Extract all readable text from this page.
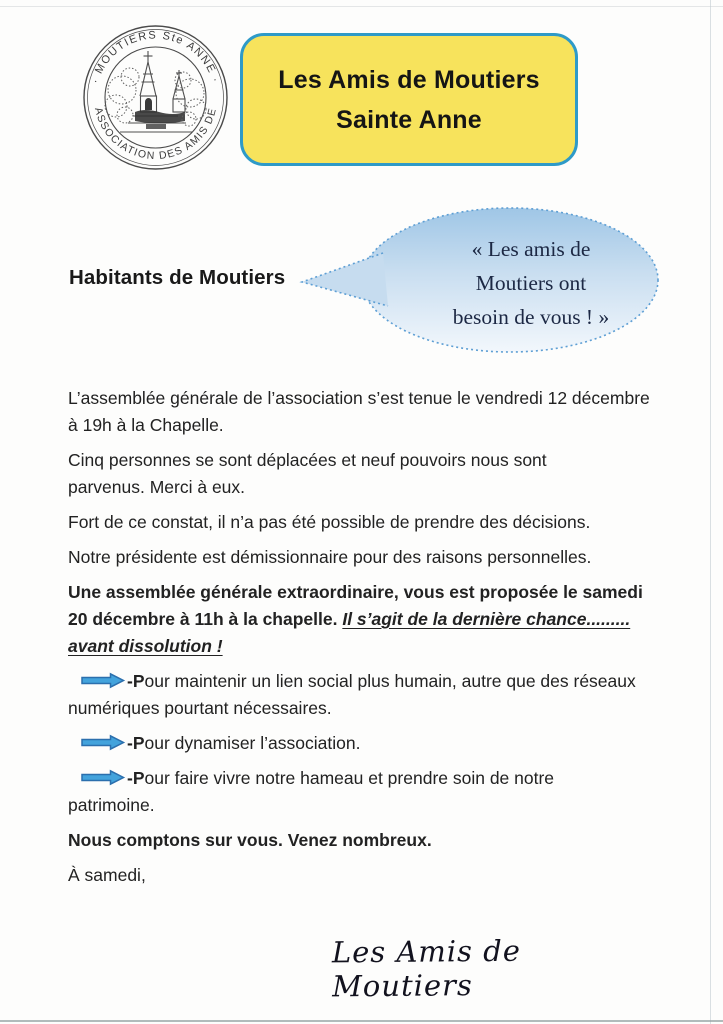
· MOUTIERS Ste ANNE ·
ASSOCIATION DES AMIS DE
Les Amis de Moutiers
Sainte Anne
« Les amis de
Moutiers ont
besoin de vous ! »
Habitants de Moutiers

L’assemblée générale de l’association s’est tenue le vendredi 12 décembre à 19h à la Chapelle.

Cinq personnes se sont déplacées et neuf pouvoirs nous sont parvenus. Merci à eux.

Fort de ce constat, il n’a pas été possible de prendre des décisions.

Notre présidente est démissionnaire pour des raisons personnelles.

Une assemblée générale extraordinaire, vous est proposée le samedi 20 décembre à 11h à la chapelle. Il s’agit de la dernière chance......... avant dissolution !

-Pour maintenir un lien social plus humain, autre que des réseaux numériques pourtant nécessaires.

-Pour dynamiser l’association.

-Pour faire vivre notre hameau et prendre soin de notre patrimoine.

Nous comptons sur vous. Venez nombreux.

À samedi,

Les Amis de Moutiers
